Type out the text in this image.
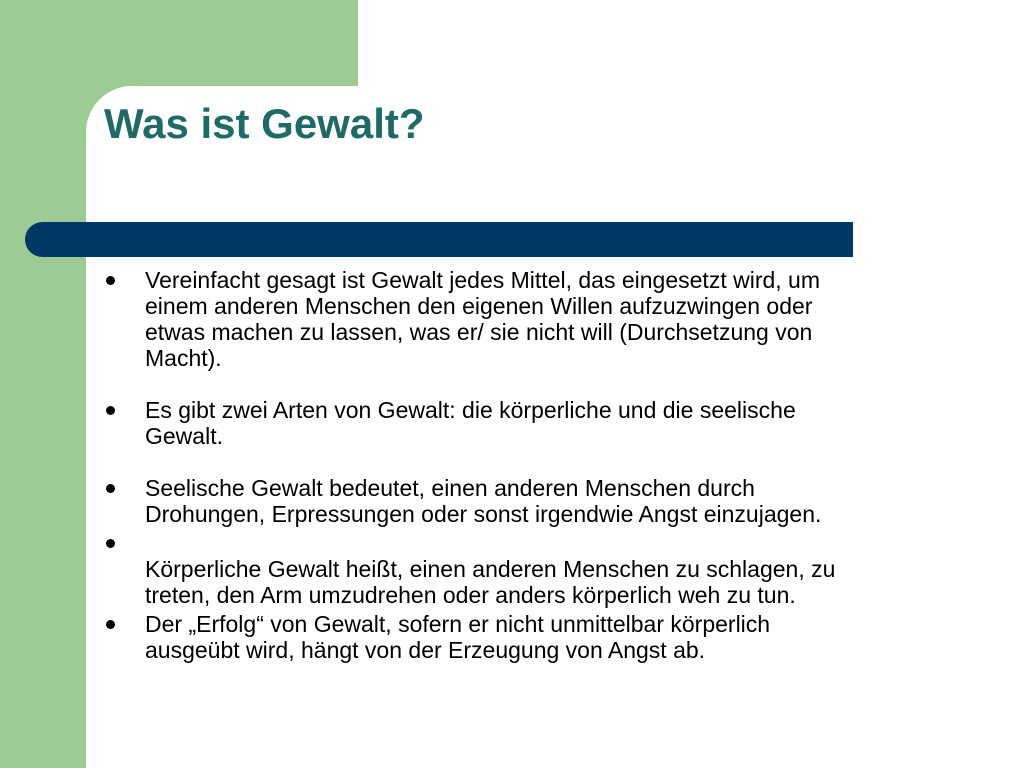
Was ist Gewalt?
Vereinfacht gesagt ist Gewalt jedes Mittel, das eingesetzt wird, um
einem anderen Menschen den eigenen Willen aufzuzwingen oder
etwas machen zu lassen, was er/ sie nicht will (Durchsetzung von
Macht).
Es gibt zwei Arten von Gewalt: die körperliche und die seelische
Gewalt.
Seelische Gewalt bedeutet, einen anderen Menschen durch
Drohungen, Erpressungen oder sonst irgendwie Angst einzujagen.

Körperliche Gewalt heißt, einen anderen Menschen zu schlagen, zu
treten, den Arm umzudrehen oder anders körperlich weh zu tun.
Der „Erfolg“ von Gewalt, sofern er nicht unmittelbar körperlich
ausgeübt wird, hängt von der Erzeugung von Angst ab.
